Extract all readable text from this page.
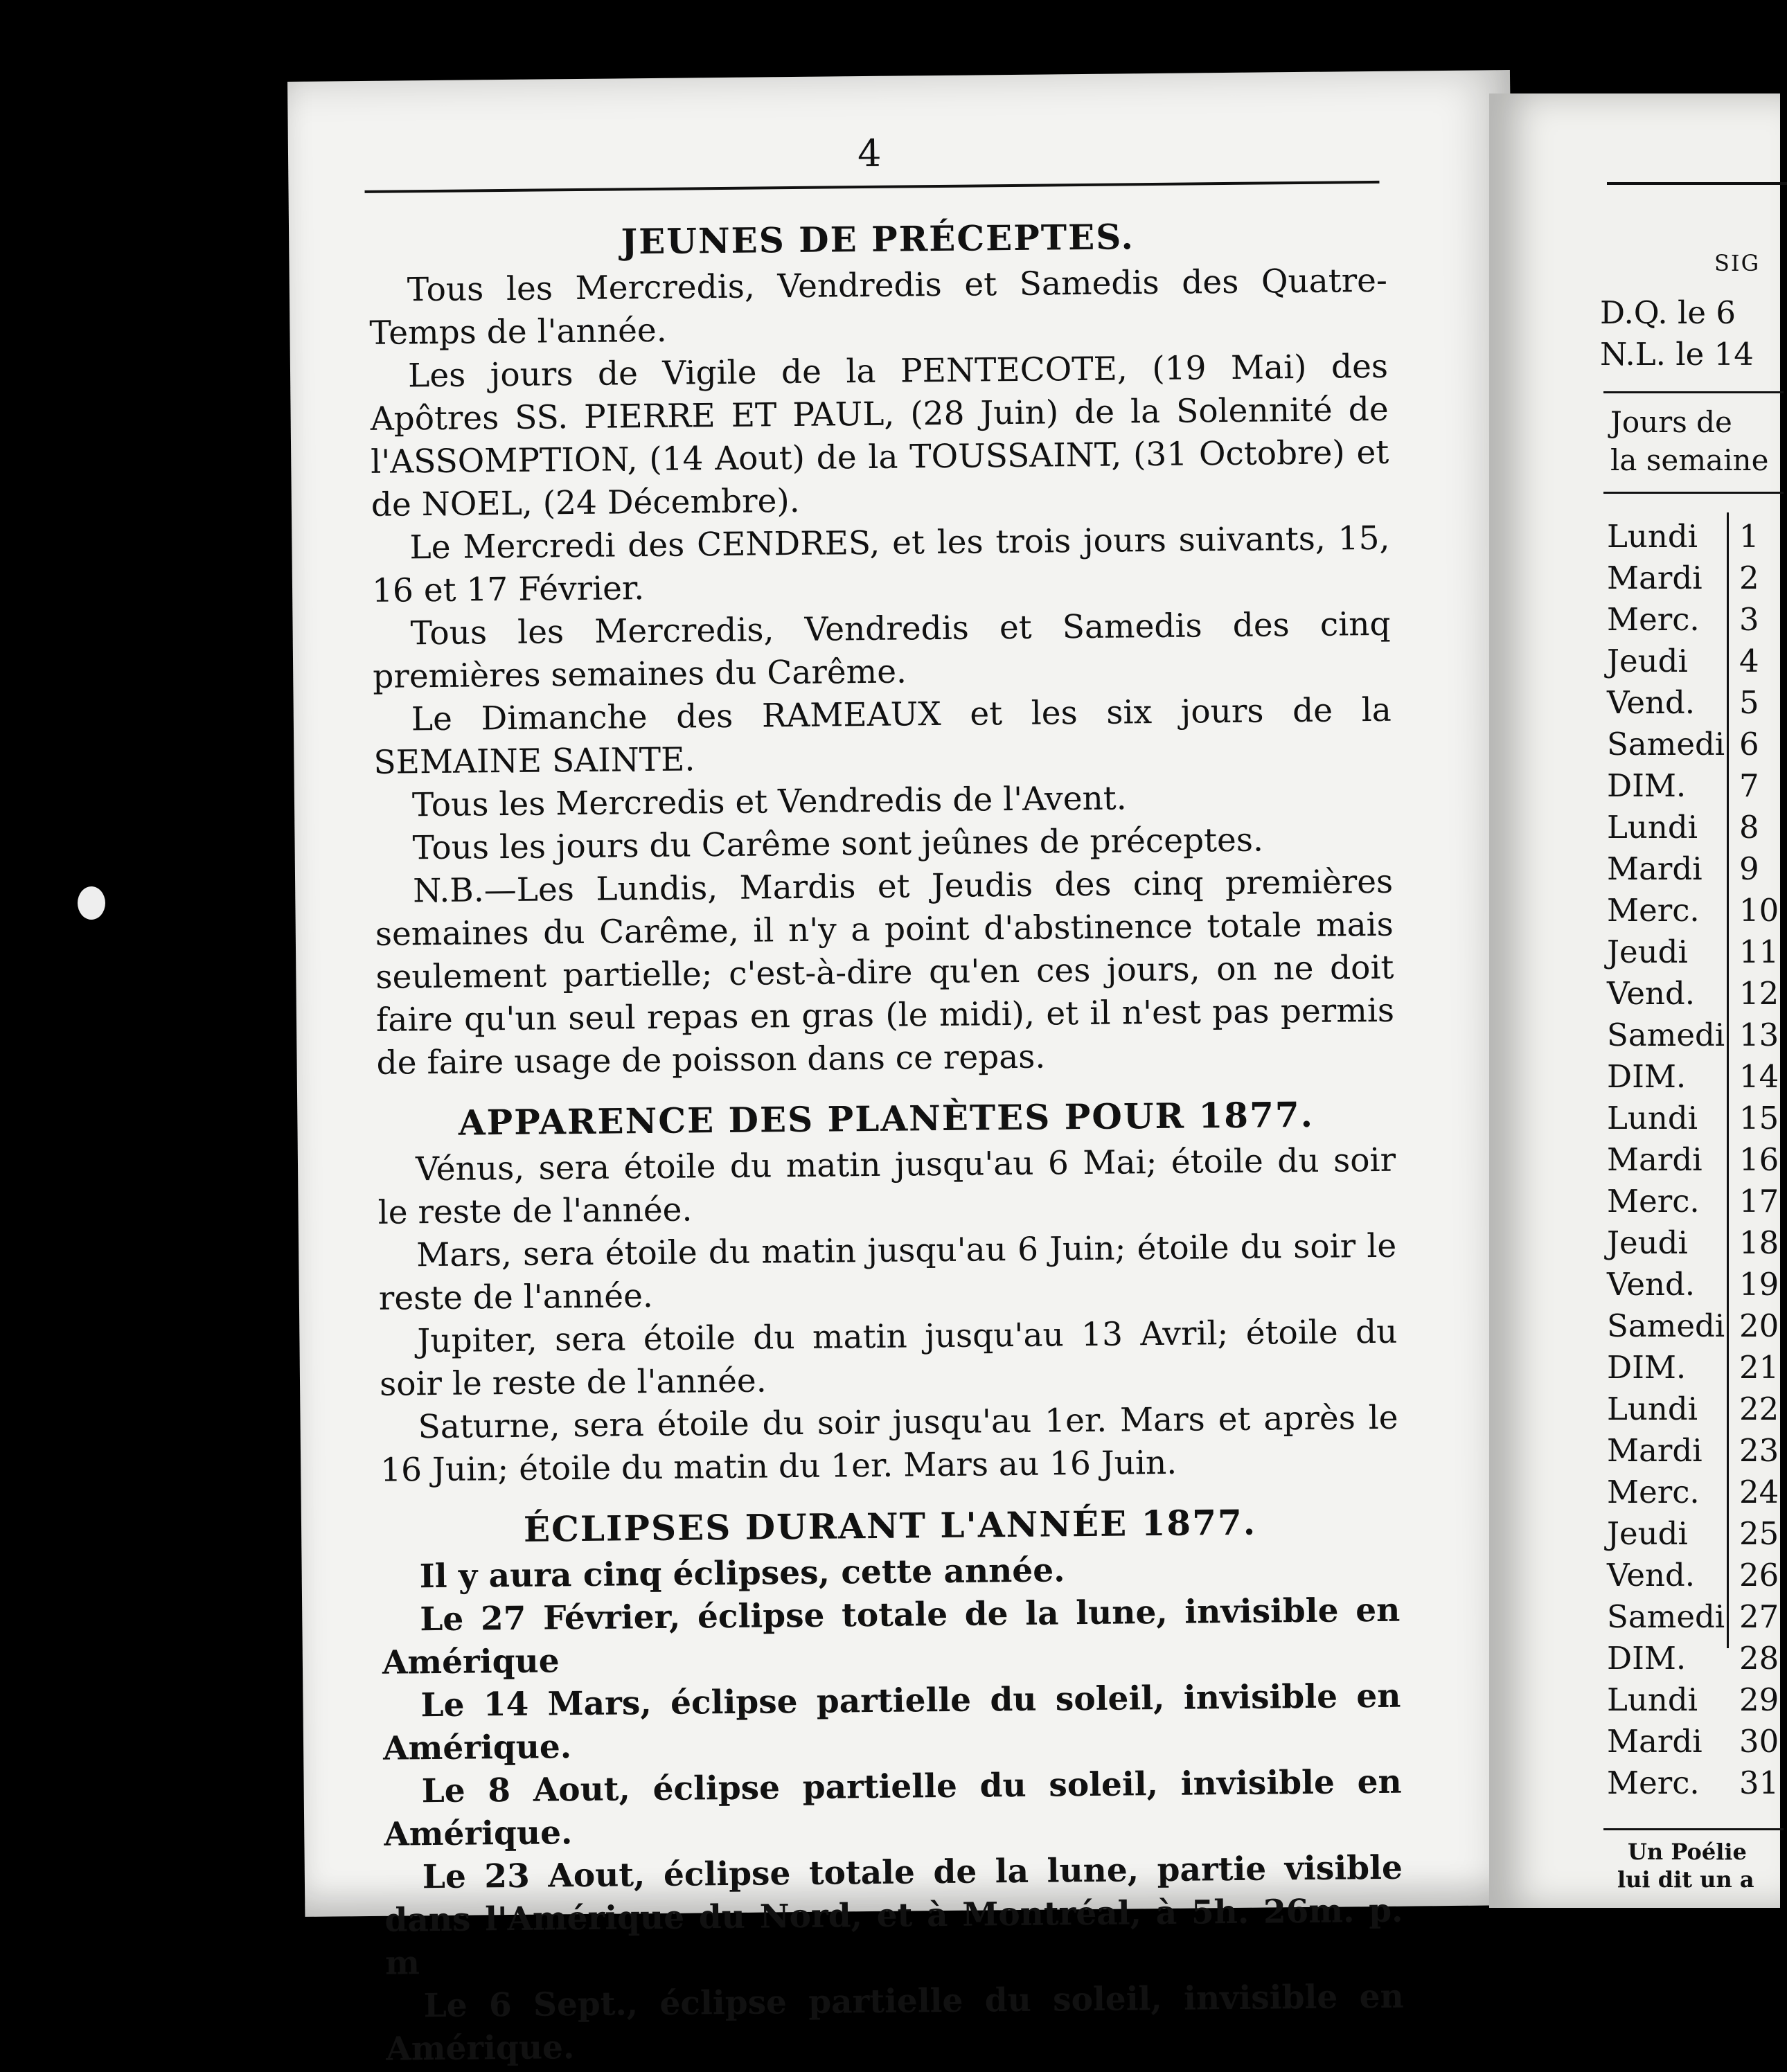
4
JEUNES DE PRÉCEPTES.

Tous les Mercredis, Vendredis et Samedis des Quatre-Temps de l'année.

Les jours de Vigile de la PENTECOTE, (19 Mai) des Apôtres SS. PIERRE ET PAUL, (28 Juin) de la Solennité de l'ASSOMPTION, (14 Aout) de la TOUSSAINT, (31 Octobre) et de NOEL, (24 Décembre).

Le Mercredi des CENDRES, et les trois jours suivants, 15, 16 et 17 Février.

Tous les Mercredis, Vendredis et Samedis des cinq premières semaines du Carême.

Le Dimanche des RAMEAUX et les six jours de la SEMAINE SAINTE.

Tous les Mercredis et Vendredis de l'Avent.

Tous les jours du Carême sont jeûnes de préceptes.

N.B.—Les Lundis, Mardis et Jeudis des cinq premières semaines du Carême, il n'y a point d'abstinence totale mais seulement partielle; c'est-à-dire qu'en ces jours, on ne doit faire qu'un seul repas en gras (le midi), et il n'est pas permis de faire usage de poisson dans ce repas.

APPARENCE DES PLANÈTES POUR 1877.

Vénus, sera étoile du matin jusqu'au 6 Mai; étoile du soir le reste de l'année.

Mars, sera étoile du matin jusqu'au 6 Juin; étoile du soir le reste de l'année.

Jupiter, sera étoile du matin jusqu'au 13 Avril; étoile du soir le reste de l'année.

Saturne, sera étoile du soir jusqu'au 1er. Mars et après le 16 Juin; étoile du matin du 1er. Mars au 16 Juin.

ÉCLIPSES DURANT L'ANNÉE 1877.

Il y aura cinq éclipses, cette année.

Le 27 Février, éclipse totale de la lune, invisible en Amérique

Le 14 Mars, éclipse partielle du soleil, invisible en Amérique.

Le 8 Aout, éclipse partielle du soleil, invisible en Amérique.

Le 23 Aout, éclipse totale de la lune, partie visible dans l'Amérique du Nord, et à Montréal, à 5h. 26m. p. m

Le 6 Sept., éclipse partielle du soleil, invisible en Amérique.

SIG
D.Q. le 6
N.L. le 14
Jours de
la semaine
Lundi 1
Mardi 2
Merc. 3
Jeudi 4
Vend. 5
Samedi 6
DIM. 7
Lundi 8
Mardi 9
Merc. 10
Jeudi 11
Vend. 12
Samedi 13
DIM. 14
Lundi 15
Mardi 16
Merc. 17
Jeudi 18
Vend. 19
Samedi 20
DIM. 21
Lundi 22
Mardi 23
Merc. 24
Jeudi 25
Vend. 26
Samedi 27
DIM. 28
Lundi 29
Mardi 30
Merc. 31
Un Poélie
lui dit un a
